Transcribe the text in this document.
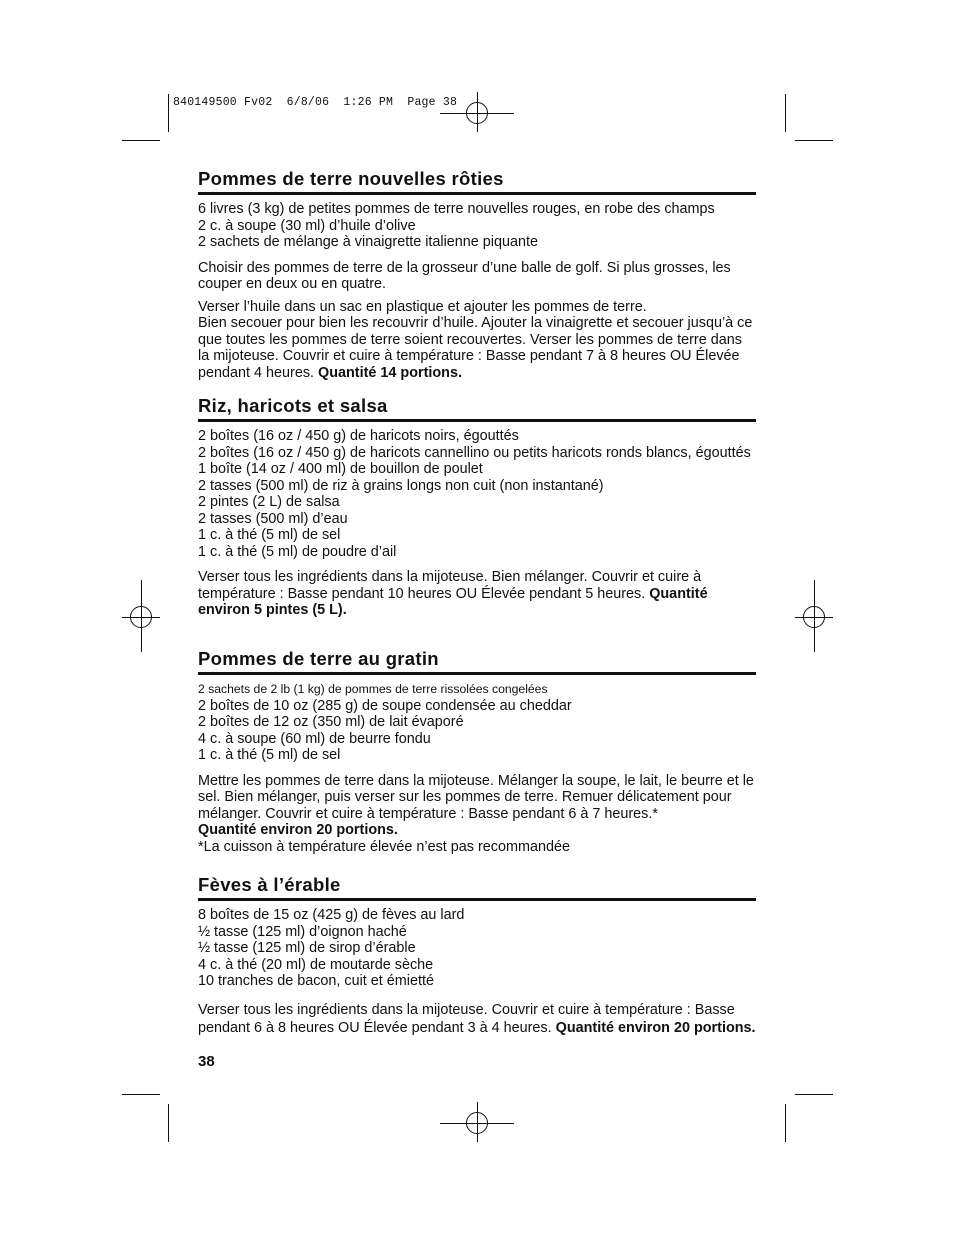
840149500 Fv02  6/8/06  1:26 PM  Page 38
Pommes de terre nouvelles rôties
6 livres (3 kg) de petites pommes de terre nouvelles rouges, en robe des champs
2 c. à soupe (30 ml) d’huile d’olive
2 sachets de mélange à vinaigrette italienne piquante

Choisir des pommes de terre de la grosseur d’une balle de golf. Si plus grosses, les couper en deux ou en quatre.

Verser l’huile dans un sac en plastique et ajouter les pommes de terre.

Bien secouer pour bien les recouvrir d’huile. Ajouter la vinaigrette et secouer jusqu’à ce que toutes les pommes de terre soient recouvertes. Verser les pommes de terre dans la mijoteuse. Couvrir et cuire à température : Basse pendant 7 à 8 heures OU Élevée pendant 4 heures. Quantité 14 portions.

Riz, haricots et salsa
2 boîtes (16 oz / 450 g) de haricots noirs, égouttés
2 boîtes (16 oz / 450 g) de haricots cannellino ou petits haricots ronds blancs, égouttés
1 boîte (14 oz / 400 ml) de bouillon de poulet
2 tasses (500 ml) de riz à grains longs non cuit (non instantané)
2 pintes (2 L) de salsa
2 tasses (500 ml) d’eau
1 c. à thé (5 ml) de sel
1 c. à thé (5 ml) de poudre d’ail

Verser tous les ingrédients dans la mijoteuse. Bien mélanger. Couvrir et cuire à température : Basse pendant 10 heures OU Élevée pendant 5 heures. Quantité environ 5 pintes (5 L).

Pommes de terre au gratin
2 sachets de 2 lb (1 kg) de pommes de terre rissolées congelées
2 boîtes de 10 oz (285 g) de soupe condensée au cheddar
2 boîtes de 12 oz (350 ml) de lait évaporé
4 c. à soupe (60 ml) de beurre fondu
1 c. à thé (5 ml) de sel

Mettre les pommes de terre dans la mijoteuse. Mélanger la soupe, le lait, le beurre et le sel. Bien mélanger, puis verser sur les pommes de terre. Remuer délicatement pour mélanger. Couvrir et cuire à température : Basse pendant 6 à 7 heures.*

Quantité environ 20 portions.

*La cuisson à température élevée n’est pas recommandée

Fèves à l’érable
8 boîtes de 15 oz (425 g) de fèves au lard
½ tasse (125 ml) d’oignon haché
½ tasse (125 ml) de sirop d’érable
4 c. à thé (20 ml) de moutarde sèche
10 tranches de bacon, cuit et émietté

Verser tous les ingrédients dans la mijoteuse. Couvrir et cuire à température : Basse pendant 6 à 8 heures OU Élevée pendant 3 à 4 heures. Quantité environ 20 portions.

38
